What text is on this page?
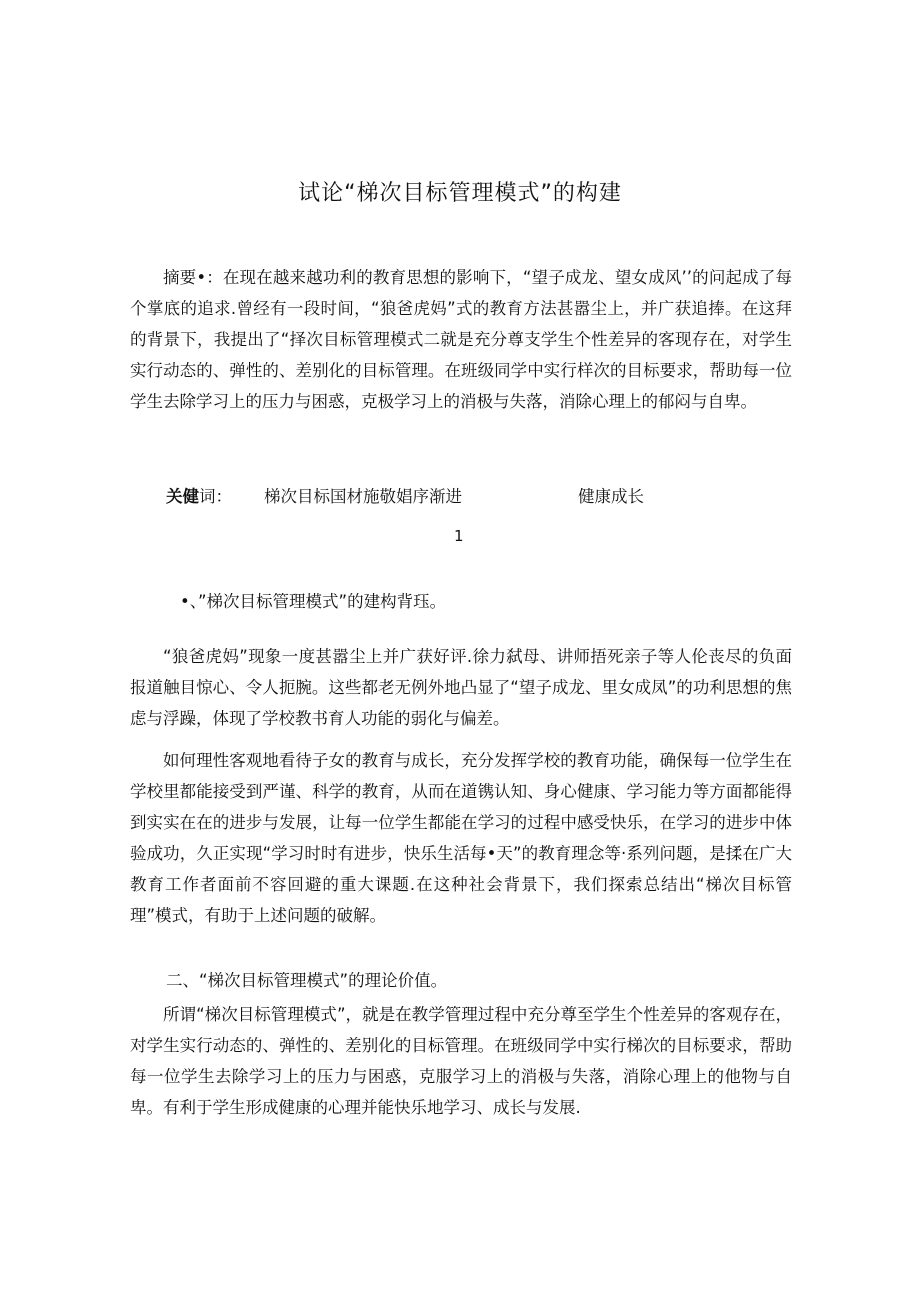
试论“梯次目标管理模式”的构建
摘要•：在现在越来越功利的教育思想的影响下，“望子成龙、望女成风’’的问起成了每个掌底的追求.曾经有一段时间，“狼爸虎妈”式的教育方法甚嚣尘上，并广获追捧。在这拜的背景下，我提出了“择次目标管理模式二就是充分尊支学生个性差异的客现存在，对学生实行动态的、弹性的、差别化的目标管理。在班级同学中实行样次的目标要求，帮助每一位学生去除学习上的压力与困惑，克极学习上的消极与失落，消除心理上的郁闷与自卑。
关健词： 梯次目标国材施敬娼序渐进	健康成长
1
•、”梯次目标管理模式”的建构背珏。
“狼爸虎妈”现象一度甚嚣尘上并广获好评.徐力弑母、讲师捂死亲子等人伦丧尽的负面报道触目惊心、令人扼腕。这些都老无例外地凸显了“望子成龙、里女成凤”的功利思想的焦虑与浮躁，体现了学校教书育人功能的弱化与偏差。
如何理性客观地看待子女的教育与成长，充分发挥学校的教育功能，确保每一位学生在学校里都能接受到严谨、科学的教育，从而在道镌认知、身心健康、学习能力等方面都能得到实实在在的进步与发展，让每一位学生都能在学习的过程中感受快乐，在学习的进步中体验成功，久正实现“学习时时有进步，快乐生活每•天”的教育理念等·系列问题，是揉在广大教育工作者面前不容回避的重大课题.在这种社会背景下，我们探索总结出“梯次目标管理”模式，有助于上述问题的破解。
二、“梯次目标管理模式”的理论价值。
所谓“梯次目标管理模式”，就是在教学管理过程中充分尊至学生个性差异的客观存在，对学生实行动态的、弹性的、差别化的目标管理。在班级同学中实行梯次的目标要求，帮助每一位学生去除学习上的压力与困惑，克服学习上的消极与失落，消除心理上的他物与自卑。有利于学生形成健康的心理并能快乐地学习、成长与发展.
